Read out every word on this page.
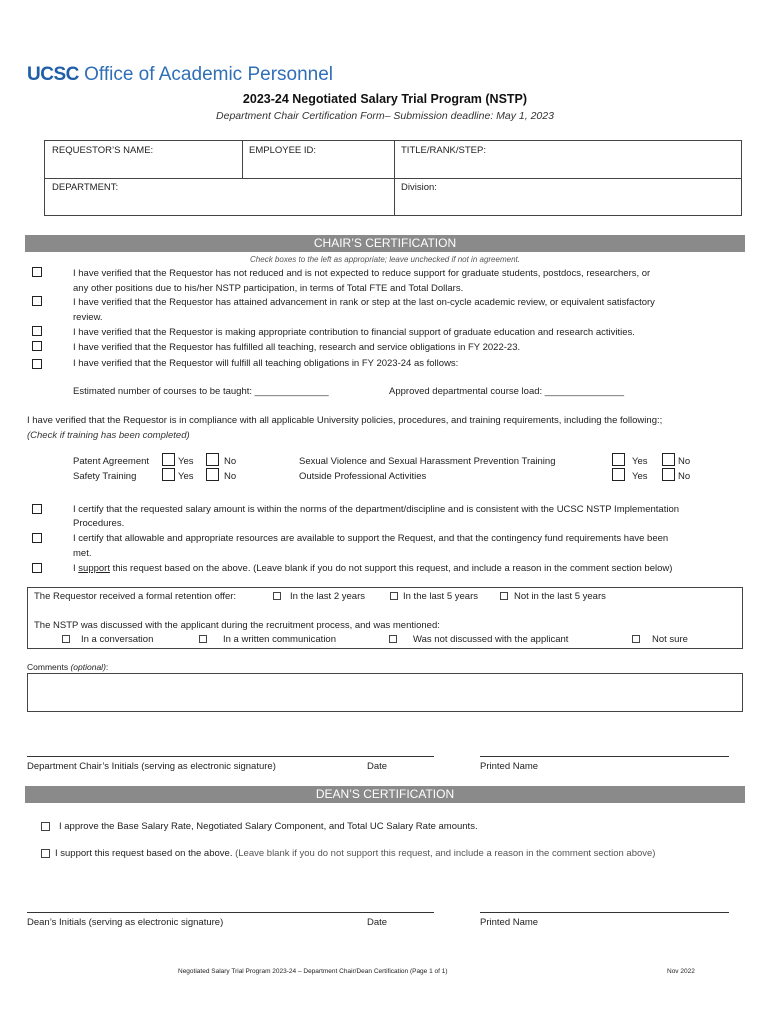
UCSC Office of Academic Personnel
2023-24 Negotiated Salary Trial Program (NSTP)
Department Chair Certification Form– Submission deadline: May 1, 2023
REQUESTOR’S NAME:	EMPLOYEE ID:	TITLE/RANK/STEP:
DEPARTMENT:	Division:
CHAIR’S CERTIFICATION
Check boxes to the left as appropriate; leave unchecked if not in agreement.
I have verified that the Requestor has not reduced and is not expected to reduce support for graduate students, postdocs, researchers, or
any other positions due to his/her NSTP participation, in terms of Total FTE and Total Dollars.
I have verified that the Requestor has attained advancement in rank or step at the last on-cycle academic review, or equivalent satisfactory
review.
I have verified that the Requestor is making appropriate contribution to financial support of graduate education and research activities.
I have verified that the Requestor has fulfilled all teaching, research and service obligations in FY 2022-23.
I have verified that the Requestor will fulfill all teaching obligations in FY 2023-24 as follows:
Estimated number of courses to be taught: ______________	Approved departmental course load: _______________
I have verified that the Requestor is in compliance with all applicable University policies, procedures, and training requirements, including the following:;
(Check if training has been completed)
Patent Agreement	Yes	No
Safety Training	Yes	No
Sexual Violence and Sexual Harassment Prevention Training	Yes	No
Outside Professional Activities	Yes	No
I certify that the requested salary amount is within the norms of the department/discipline and is consistent with the UCSC NSTP Implementation
Procedures.
I certify that allowable and appropriate resources are available to support the Request, and that the contingency fund requirements have been
met.
I support this request based on the above. (Leave blank if you do not support this request, and include a reason in the comment section below)
The Requestor received a formal retention offer:	In the last 2 years	In the last 5 years	Not in the last 5 years
The NSTP was discussed with the applicant during the recruitment process, and was mentioned:
In a conversation	In a written communication	Was not discussed with the applicant	Not sure
Comments (optional):
Department Chair’s Initials (serving as electronic signature)	Date	Printed Name
DEAN’S CERTIFICATION
I approve the Base Salary Rate, Negotiated Salary Component, and Total UC Salary Rate amounts.
I support this request based on the above. (Leave blank if you do not support this request, and include a reason in the comment section above)
Dean’s Initials (serving as electronic signature)	Date	Printed Name
Negotiated Salary Trial Program 2023-24 – Department Chair/Dean Certification (Page 1 of 1)	Nov 2022
